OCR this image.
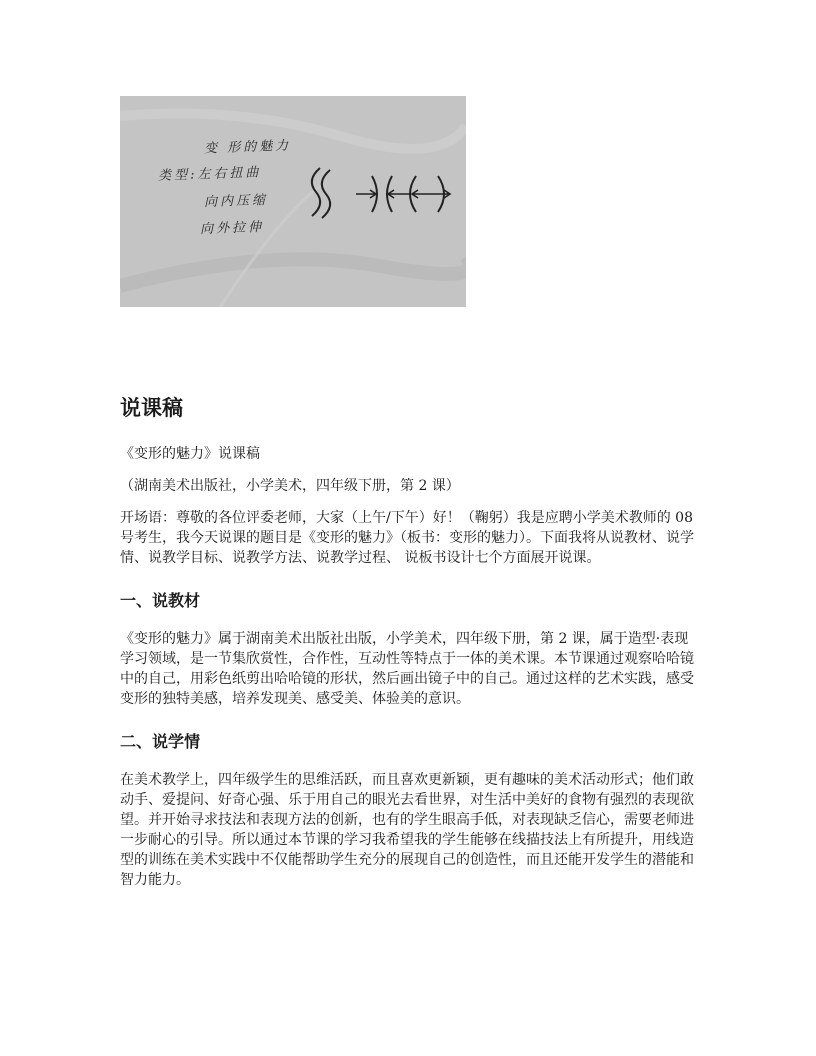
变 形的魅力
类型:左右扭曲
向内压缩
向外拉伸
说课稿

《变形的魅力》说课稿

（湖南美术出版社，小学美术，四年级下册，第 2 课）

开场语：尊敬的各位评委老师，大家（上午/下午）好！（鞠躬）我是应聘小学美术教师的 08 号考生，我今天说课的题目是《变形的魅力》（板书：变形的魅力）。下面我将从说教材、说学情、说教学目标、说教学方法、说教学过程、 说板书设计七个方面展开说课。

一、说教材

《变形的魅力》属于湖南美术出版社出版，小学美术，四年级下册，第 2 课，属于造型·表现学习领域，是一节集欣赏性，合作性，互动性等特点于一体的美术课。本节课通过观察哈哈镜中的自己，用彩色纸剪出哈哈镜的形状，然后画出镜子中的自己。通过这样的艺术实践，感受变形的独特美感，培养发现美、感受美、体验美的意识。

二、说学情

在美术教学上，四年级学生的思维活跃，而且喜欢更新颖，更有趣味的美术活动形式；他们敢动手、爱提问、好奇心强、乐于用自己的眼光去看世界，对生活中美好的食物有强烈的表现欲望。并开始寻求技法和表现方法的创新，也有的学生眼高手低，对表现缺乏信心，需要老师进一步耐心的引导。所以通过本节课的学习我希望我的学生能够在线描技法上有所提升，用线造型的训练在美术实践中不仅能帮助学生充分的展现自己的创造性，而且还能开发学生的潜能和智力能力。
